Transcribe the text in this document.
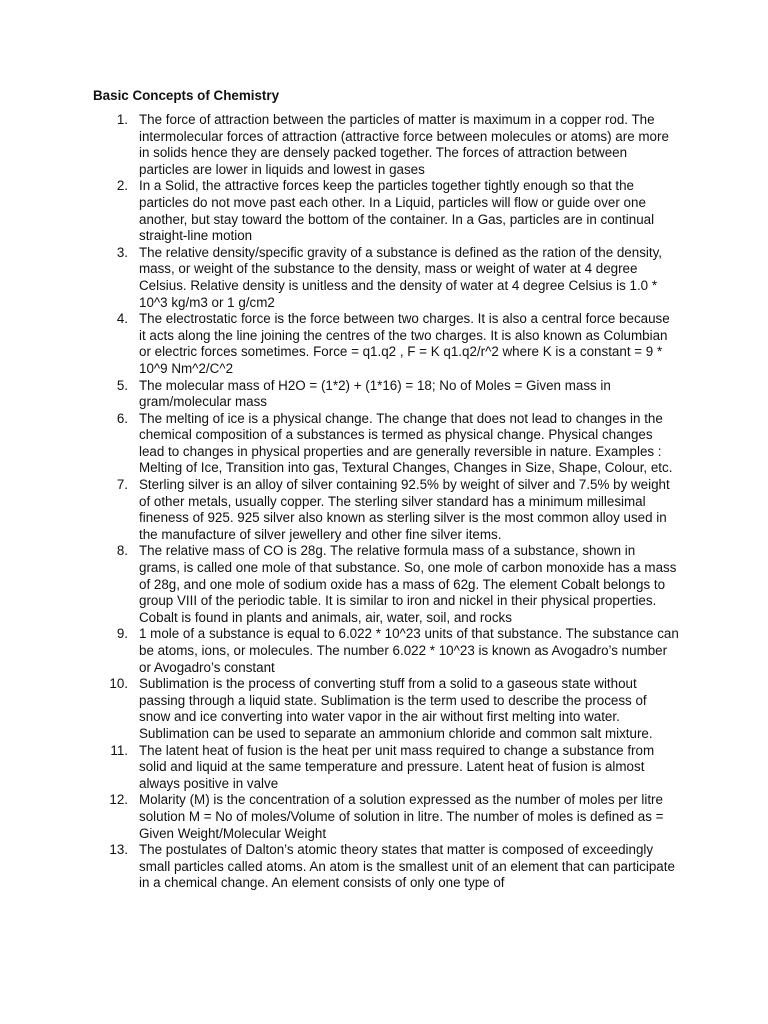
Basic Concepts of Chemistry
1. The force of attraction between the particles of matter is maximum in a copper rod. The intermolecular forces of attraction (attractive force between molecules or atoms) are more in solids hence they are densely packed together. The forces of attraction between particles are lower in liquids and lowest in gases
2. In a Solid, the attractive forces keep the particles together tightly enough so that the particles do not move past each other. In a Liquid, particles will flow or guide over one another, but stay toward the bottom of the container. In a Gas, particles are in continual straight-line motion
3. The relative density/specific gravity of a substance is defined as the ration of the density, mass, or weight of the substance to the density, mass or weight of water at 4 degree Celsius. Relative density is unitless and the density of water at 4 degree Celsius is 1.0 * 10^3 kg/m3 or 1 g/cm2
4. The electrostatic force is the force between two charges. It is also a central force because it acts along the line joining the centres of the two charges. It is also known as Columbian or electric forces sometimes. Force = q1.q2 , F = K q1.q2/r^2 where K is a constant = 9 * 10^9 Nm^2/C^2
5. The molecular mass of H2O = (1*2) + (1*16) = 18; No of Moles = Given mass in gram/molecular mass
6. The melting of ice is a physical change. The change that does not lead to changes in the chemical composition of a substances is termed as physical change. Physical changes lead to changes in physical properties and are generally reversible in nature. Examples : Melting of Ice, Transition into gas, Textural Changes, Changes in Size, Shape, Colour, etc.
7. Sterling silver is an alloy of silver containing 92.5% by weight of silver and 7.5% by weight of other metals, usually copper. The sterling silver standard has a minimum millesimal fineness of 925. 925 silver also known as sterling silver is the most common alloy used in the manufacture of silver jewellery and other fine silver items.
8. The relative mass of CO is 28g. The relative formula mass of a substance, shown in grams, is called one mole of that substance. So, one mole of carbon monoxide has a mass of 28g, and one mole of sodium oxide has a mass of 62g. The element Cobalt belongs to group VIII of the periodic table. It is similar to iron and nickel in their physical properties. Cobalt is found in plants and animals, air, water, soil, and rocks
9. 1 mole of a substance is equal to 6.022 * 10^23 units of that substance. The substance can be atoms, ions, or molecules. The number 6.022 * 10^23 is known as Avogadro’s number or Avogadro’s constant
10. Sublimation is the process of converting stuff from a solid to a gaseous state without passing through a liquid state. Sublimation is the term used to describe the process of snow and ice converting into water vapor in the air without first melting into water. Sublimation can be used to separate an ammonium chloride and common salt mixture.
11. The latent heat of fusion is the heat per unit mass required to change a substance from solid and liquid at the same temperature and pressure. Latent heat of fusion is almost always positive in valve
12. Molarity (M) is the concentration of a solution expressed as the number of moles per litre solution M = No of moles/Volume of solution in litre. The number of moles is defined as = Given Weight/Molecular Weight
13. The postulates of Dalton’s atomic theory states that matter is composed of exceedingly small particles called atoms. An atom is the smallest unit of an element that can participate in a chemical change. An element consists of only one type of
